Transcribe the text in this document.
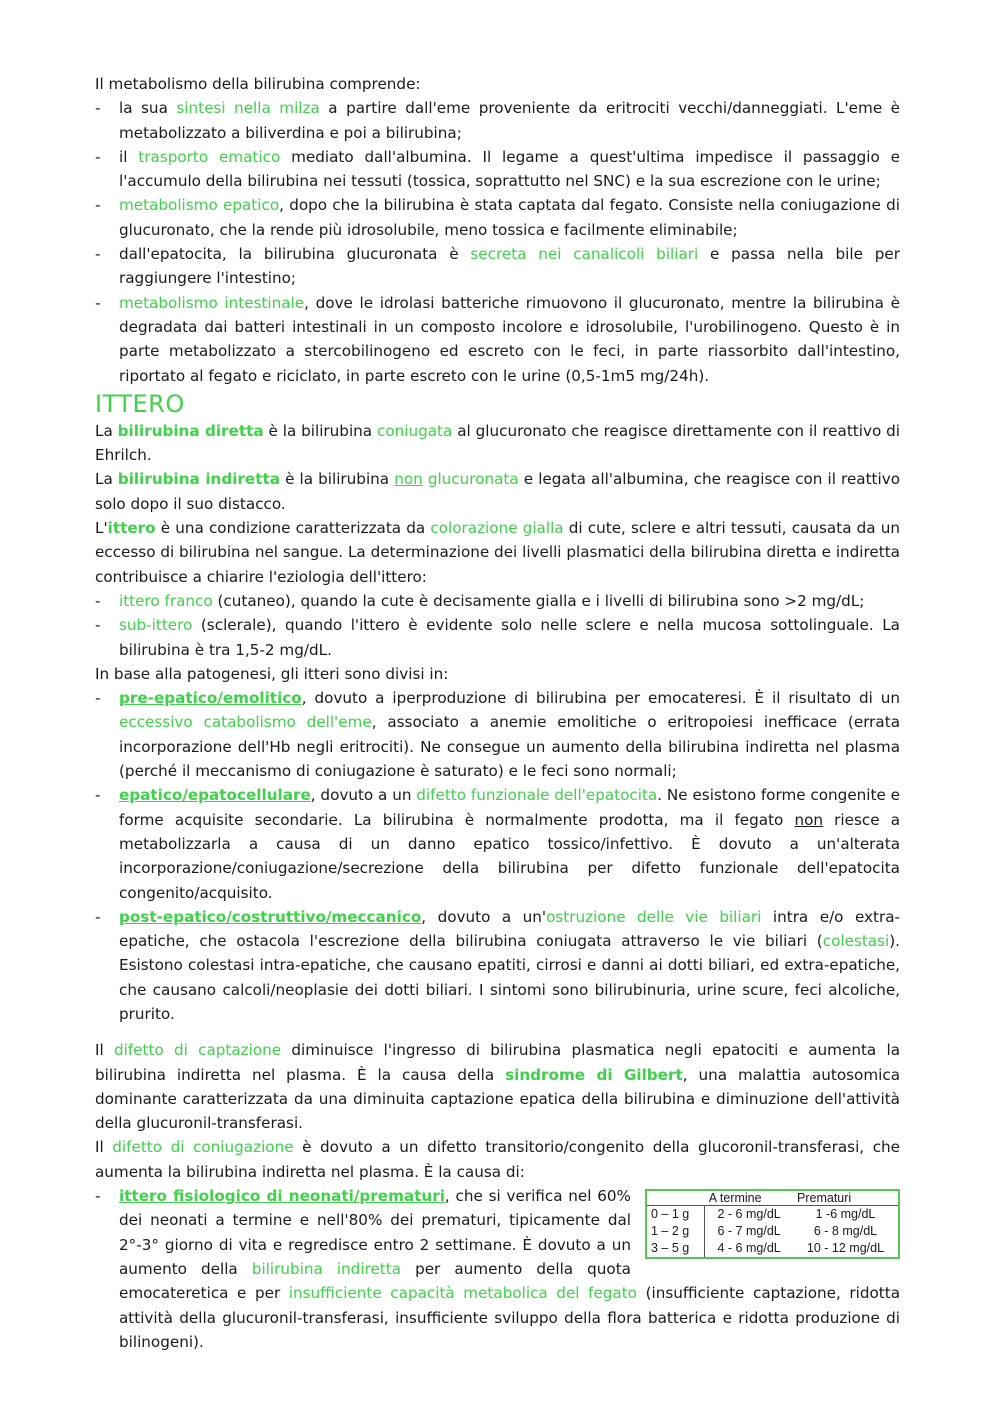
Il metabolismo della bilirubina comprende:

- la sua sintesi nella milza a partire dall'eme proveniente da eritrociti vecchi/danneggiati. L'eme è metabolizzato a biliverdina e poi a bilirubina;
- il trasporto ematico mediato dall'albumina. Il legame a quest'ultima impedisce il passaggio e l'accumulo della bilirubina nei tessuti (tossica, soprattutto nel SNC) e la sua escrezione con le urine;
- metabolismo epatico, dopo che la bilirubina è stata captata dal fegato. Consiste nella coniugazione di glucuronato, che la rende più idrosolubile, meno tossica e facilmente eliminabile;
- dall'epatocita, la bilirubina glucuronata è secreta nei canalicoli biliari e passa nella bile per raggiungere l'intestino;
- metabolismo intestinale, dove le idrolasi batteriche rimuovono il glucuronato, mentre la bilirubina è degradata dai batteri intestinali in un composto incolore e idrosolubile, l'urobilinogeno. Questo è in parte metabolizzato a stercobilinogeno ed escreto con le feci, in parte riassorbito dall'intestino, riportato al fegato e riciclato, in parte escreto con le urine (0,5-1m5 mg/24h).
ITTERO

La bilirubina diretta è la bilirubina coniugata al glucuronato che reagisce direttamente con il reattivo di Ehrilch.

La bilirubina indiretta è la bilirubina non glucuronata e legata all'albumina, che reagisce con il reattivo solo dopo il suo distacco.

L'ittero è una condizione caratterizzata da colorazione gialla di cute, sclere e altri tessuti, causata da un eccesso di bilirubina nel sangue. La determinazione dei livelli plasmatici della bilirubina diretta e indiretta contribuisce a chiarire l'eziologia dell'ittero:

- ittero franco (cutaneo), quando la cute è decisamente gialla e i livelli di bilirubina sono >2 mg/dL;
- sub-ittero (sclerale), quando l'ittero è evidente solo nelle sclere e nella mucosa sottolinguale. La bilirubina è tra 1,5-2 mg/dL.

In base alla patogenesi, gli itteri sono divisi in:

- pre-epatico/emolitico, dovuto a iperproduzione di bilirubina per emocateresi. È il risultato di un eccessivo catabolismo dell'eme, associato a anemie emolitiche o eritropoiesi inefficace (errata incorporazione dell'Hb negli eritrociti). Ne consegue un aumento della bilirubina indiretta nel plasma (perché il meccanismo di coniugazione è saturato) e le feci sono normali;
- epatico/epatocellulare, dovuto a un difetto funzionale dell'epatocita. Ne esistono forme congenite e forme acquisite secondarie. La bilirubina è normalmente prodotta, ma il fegato non riesce a metabolizzarla a causa di un danno epatico tossico/infettivo. È dovuto a un'alterata incorporazione/coniugazione/secrezione della bilirubina per difetto funzionale dell'epatocita congenito/acquisito.
- post-epatico/costruttivo/meccanico, dovuto a un'ostruzione delle vie biliari intra e/o extra-epatiche, che ostacola l'escrezione della bilirubina coniugata attraverso le vie biliari (colestasi). Esistono colestasi intra-epatiche, che causano epatiti, cirrosi e danni ai dotti biliari, ed extra-epatiche, che causano calcoli/neoplasie dei dotti biliari. I sintomi sono bilirubinuria, urine scure, feci alcoliche, prurito.

Il difetto di captazione diminuisce l'ingresso di bilirubina plasmatica negli epatociti e aumenta la bilirubina indiretta nel plasma. È la causa della sindrome di Gilbert, una malattia autosomica dominante caratterizzata da una diminuita captazione epatica della bilirubina e diminuzione dell'attività della glucuronil-transferasi.

Il difetto di coniugazione è dovuto a un difetto transitorio/congenito della glucoronil-transferasi, che aumenta la bilirubina indiretta nel plasma. È la causa di:

	- A termine	Prematuri
0 – 1 g	2 - 6 mg/dL	1 -6 mg/dL
1 – 2 g	6 - 7 mg/dL	6 - 8 mg/dL
3 – 5 g	4 - 6 mg/dL	10 - 12 mg/dL
ittero fisiologico di neonati/prematuri, che si verifica nel 60% dei neonati a termine e nell'80% dei prematuri, tipicamente dal 2°-3° giorno di vita e regredisce entro 2 settimane. È dovuto a un aumento della bilirubina indiretta per aumento della quota emocateretica e per insufficiente capacità metabolica del fegato (insufficiente captazione, ridotta attività della glucuronil-transferasi, insufficiente sviluppo della flora batterica e ridotta produzione di bilinogeni).
